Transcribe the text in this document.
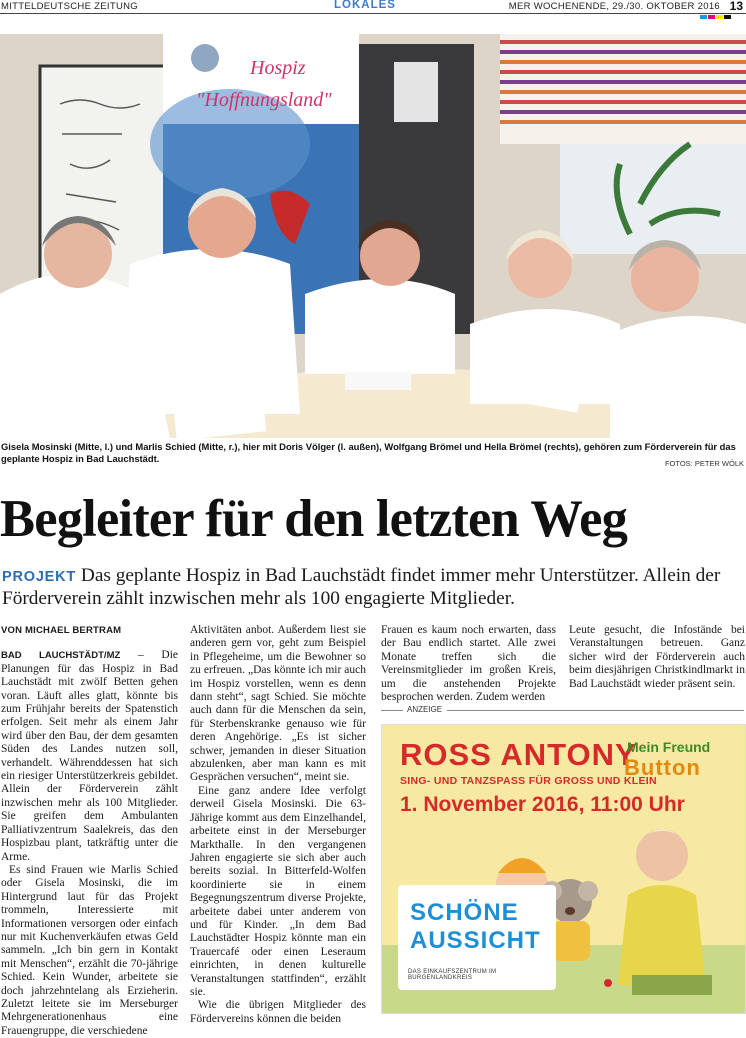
MITTELDEUTSCHE ZEITUNG	LOKALES	MER WOCHENENDE, 29./30. OKTOBER 2016 13
Hospiz
"Hoffnungsland"
Gisela Mosinski (Mitte, l.) und Marlis Schied (Mitte, r.), hier mit Doris Völger (l. außen), Wolfgang Brömel und Hella Brömel (rechts), gehören zum Förderverein für das geplante Hospiz in Bad Lauchstädt.	FOTOS: PETER WÖLK
Begleiter für den letzten Weg
PROJEKT Das geplante Hospiz in Bad Lauchstädt findet immer mehr Unterstützer. Allein der Förderverein zählt inzwischen mehr als 100 engagierte Mitglieder.

VON MICHAEL BERTRAM

BAD LAUCHSTÄDT/MZ – Die Planungen für das Hospiz in Bad Lauchstädt mit zwölf Betten gehen voran. Läuft alles glatt, könnte bis zum Frühjahr bereits der Spatenstich erfolgen. Seit mehr als einem Jahr wird über den Bau, der dem gesamten Süden des Landes nutzen soll, verhandelt. Währenddessen hat sich ein riesiger Unterstützerkreis gebildet. Allein der Förderverein zählt inzwischen mehr als 100 Mitglieder. Sie greifen dem Ambulanten Palliativzentrum Saalekreis, das den Hospizbau plant, tatkräftig unter die Arme.

Es sind Frauen wie Marlis Schied oder Gisela Mosinski, die im Hintergrund laut für das Projekt trommeln, Interessierte mit Informationen versorgen oder einfach nur mit Kuchenverkäufen etwas Geld sammeln. „Ich bin gern in Kontakt mit Menschen“, erzählt die 70-jährige Schied. Kein Wunder, arbeitete sie doch jahrzehntelang als Erzieherin. Zuletzt leitete sie im Merseburger Mehrgenerationenhaus eine Frauengruppe, die verschiedene

Aktivitäten anbot. Außerdem liest sie anderen gern vor, geht zum Beispiel in Pflegeheime, um die Bewohner so zu erfreuen. „Das könnte ich mir auch im Hospiz vorstellen, wenn es denn dann steht“, sagt Schied. Sie möchte auch dann für die Menschen da sein, für Sterbenskranke genauso wie für deren Angehörige. „Es ist sicher schwer, jemanden in dieser Situation abzulenken, aber man kann es mit Gesprächen versuchen“, meint sie.

Eine ganz andere Idee verfolgt derweil Gisela Mosinski. Die 63-Jährige kommt aus dem Einzelhandel, arbeitete einst in der Merseburger Markthalle. In den vergangenen Jahren engagierte sie sich aber auch bereits sozial. In Bitterfeld-Wolfen koordinierte sie in einem Begegnungszentrum diverse Projekte, arbeitete dabei unter anderem von und für Kinder. „In dem Bad Lauchstädter Hospiz könnte man ein Trauercafé oder einen Leseraum einrichten, in denen kulturelle Veranstaltungen stattfinden“, erzählt sie.

Wie die übrigen Mitglieder des Fördervereins können die beiden

Frauen es kaum noch erwarten, dass der Bau endlich startet. Alle zwei Monate treffen sich die Vereinsmitglieder im großen Kreis, um die anstehenden Projekte besprochen werden. Zudem werden

Leute gesucht, die Infostände bei Veranstaltungen betreuen. Ganz sicher wird der Förderverein auch beim diesjährigen Christkindlmarkt in Bad Lauchstädt wieder präsent sein.

ANZEIGE
ROSS ANTONY
SING- UND TANZSPASS FÜR GROSS UND KLEIN
1. November 2016, 11:00 Uhr
Mein Freund
Button
SCHÖNE
AUSSICHT
DAS EINKAUFSZENTRUM IM BURGENLANDKREIS
